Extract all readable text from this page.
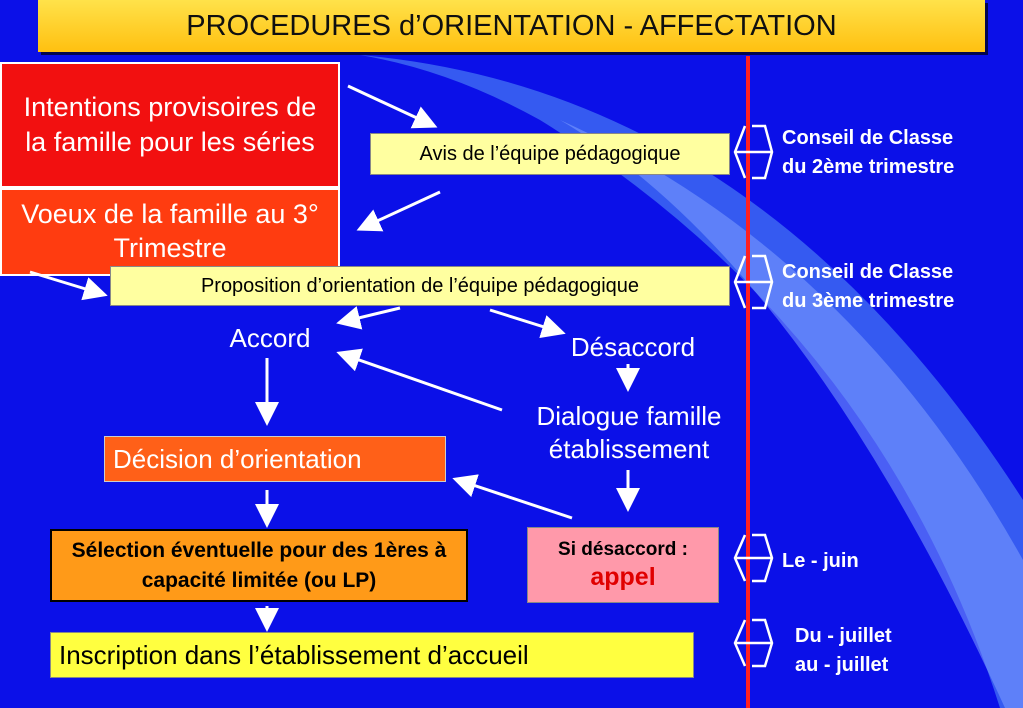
PROCEDURES d’ORIENTATION - AFFECTATION
Intentions provisoires de la famille pour les séries
Voeux de la famille au 3° Trimestre
Avis de l’équipe pédagogique
Proposition d’orientation de l’équipe pédagogique
Accord	Désaccord
Dialogue famille établissement
Décision d’orientation
Sélection éventuelle pour des 1ères à capacité limitée (ou LP)
Si désaccord :
appel
Inscription dans l’établissement d’accueil
Conseil de Classe
du 2ème trimestre
Conseil de Classe
du 3ème trimestre
Le - juin
Du - juillet
au - juillet
